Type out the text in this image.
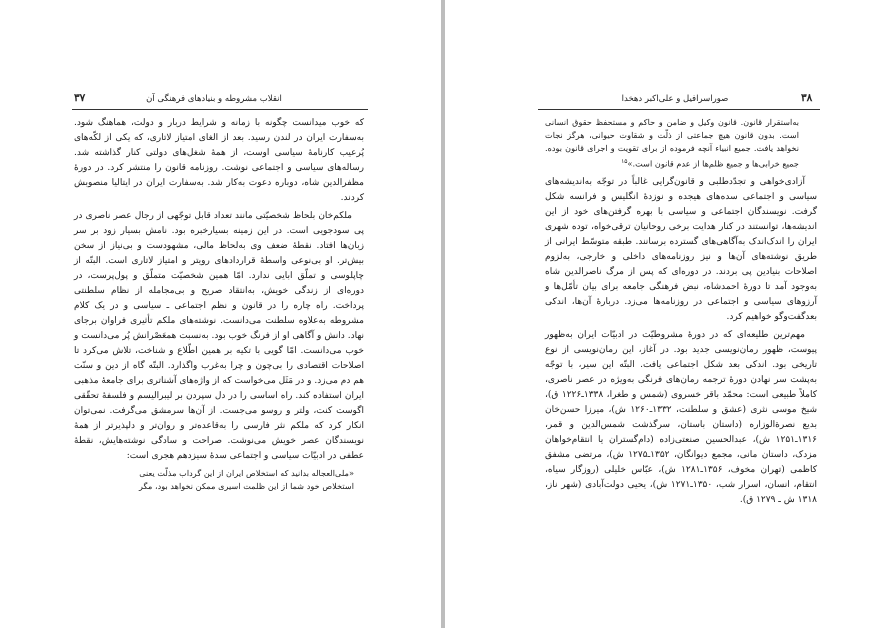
انقلاب مشروطه و بنیادهای فرهنگی آن
۳۷

که خوب میدانست چگونه با زمانه و شرایط دربار و دولت، هماهنگ شود. به‌سفارت ایران در لندن رسید. بعد از الغای امتیاز لاتاری، که یکی از لکّه‌های پُرعیب کارنامهٔ سیاسی اوست، از همهٔ شغل‌های دولتی کنار گذاشته شد. رساله‌های سیاسی و اجتماعی نوشت. روزنامه قانون را منتشر کرد. در دورهٔ مظفرالدین شاه، دوباره دعوت به‌کار شد. به‌سفارت ایران در ایتالیا منصوبش کردند.

ملکم‌خان بلحاظ شخصیّتی مانند تعداد قابل توجّهی از رجال عصر ناصری در پی سودجویی است. در این زمینه بسیارخبره بود. نامش بسیار زود بر سر زبان‌ها افتاد. نقطهٔ ضعف وی به‌لحاظ مالی، مشهودست و بی‌نیاز از سخن بیش‌تر. او بی‌نوعی واسطهٔ قراردادهای رویتر و امتیاز لاتاری است. البتّه از چاپلوسی و تملّق ابایی ندارد. امّا همین شخصیّت متملّق و پول‌پرست، در دوره‌ای از زندگی خویش، به‌انتقاد صریح و بی‌مجامله از نظام سلطنتی پرداخت. راه چاره را در قانون و نظم اجتماعی ـ سیاسی و در یک کلام مشروطه به‌علاوه سلطنت می‌دانست. نوشته‌های ملکم تأثیری فراوان برجای نهاد. دانش و آگاهی او از فرنگ خوب بود. به‌نسبت همعَصْرانش پُر می‌دانست و خوب می‌دانست. امّا گویی با تکیه بر همین اطّلاع و شناخت، تلاش می‌کرد تا اصلاحات اقتصادی را بی‌چون و چرا به‌غرب واگذارد. البتّه گاه از دین و سنّت هم دم می‌زد. و در مَثَل می‌خواست که از واژه‌های آشنا‌تری برای جامعهٔ مذهبی ایران استفاده کند. راه اساسی را در دل سپردن بر لیبرالیسم و فلسفهٔ تحقّقی اگوست کنت، ولتر و روسو می‌جست. از آن‌ها سرمشق می‌گرفت. نمی‌توان انکار کرد که ملکم نثر فارسی را به‌قاعده‌تر و روان‌تر و دلپذیرتر از همهٔ نویسندگان عصر خویش می‌نوشت. صراحت و سادگی نوشته‌هایش، نقطهٔ عطفی در ادبیّات سیاسی و اجتماعی سدهٔ سیزدهم هجری است:

«ملی‌العجاله بدانید که استخلاص ایران از این گرداب مذلّت یعنی
استخلاص خود شما از این ظلمت اسیری ممکن نخواهد بود، مگر
صوراسرافیل و علی‌اکبر دهخدا	۳۸
به‌استقرار قانون. قانون وکیل و ضامن و حاکم و مستحفظ حقوق انسانی است. بدون قانون هیچ جماعتی از ذلّت و شقاوت حیوانی، هرگز نجات نخواهد یافت. جمیع انبیاء آنچه فرموده از برای تقویت و اجرای قانون بوده. جمیع خرابی‌ها و جمیع ظلم‌ها از عدم قانون است.»$^{۱۵}$

آزادی‌خواهی و تجدّدطلبی و قانون‌گرایی غالباً در توجّه به‌اندیشه‌های سیاسی و اجتماعی سده‌های هیجده و نوزدهٔ انگلیس و فرانسه شکل گرفت. نویسندگان اجتماعی و سیاسی با بهره گرفتن‌های خود از این اندیشه‌ها، توانستند در کنار هدایت برخی روحانیان ترقی‌خواه، توده شهری ایران را اندک‌اندک به‌آگاهی‌های گسترده برسانند. طبقه متوسّط ایرانی از طریق نوشته‌های آن‌ها و نیز روزنامه‌های داخلی و خارجی، به‌لزوم اصلاحات بنیادین پی بردند. در دوره‌ای که پس از مرگ ناصرالدین شاه به‌وجود آمد تا دورهٔ احمدشاه، نبض فرهنگی جامعه برای بیان تأمّل‌ها و آرزوهای سیاسی و اجتماعی در روزنامه‌ها می‌زد. دربارهٔ آن‌ها، اندکی بعدگفت‌وگو خواهیم کرد.

مهم‌ترین طلیعه‌ای که در دورهٔ مشروطیّت در ادبیّات ایران به‌ظهور پیوست، ظهور رمان‌نویسی جدید بود. در آغاز، این رمان‌نویسی از نوع تاریخی بود. اندکی بعد شکل اجتماعی یافت. البتّه این سیر، با توجّه به‌پشت سر نهادن دورهٔ ترجمه رمان‌های فرنگی به‌ویژه در عصر ناصری، کاملاً طبیعی است: محمّد باقر خسروی (شمس و طغرا، ۱۳۳۸ـ۱۲۲۶ ق)، شیخ موسی نثری (عشق و سلطنت، ۱۳۳۲ـ۱۲۶۰ ش)، میرزا حسن‌خان بدیع نصرةالوزاره (داستان باستان، سرگذشت شمس‌الدین و قمر، ۱۳۱۶ـ۱۲۵۱ ش)، عبدالحسین صنعتی‌زاده (دام‌گستران یا انتقام‌خواهان مزدک، داستان مانی، مجمع دیوانگان، ۱۳۵۲ـ۱۲۷۵ ش)، مرتضی مشفق کاظمی (تهران مخوف، ۱۳۵۶ـ۱۲۸۱ ش)، عبّاس خلیلی (روزگار سیاه، انتقام، انسان، اسرار شب، ۱۳۵۰ـ۱۲۷۱ ش)، یحیی دولت‌آبادی (شهر ناز، ۱۳۱۸ ش ـ ۱۲۷۹ ق).
